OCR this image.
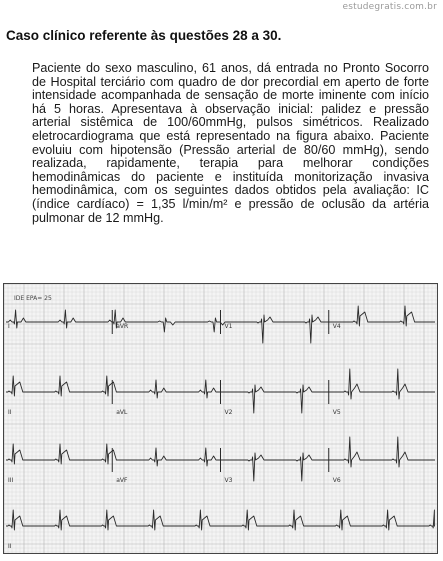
estudegratis.com.br
Caso clínico referente às questões 28 a 30.
Paciente do sexo masculino, 61 anos, dá entrada no Pronto Socorro de Hospital terciário com quadro de dor precordial em aperto de forte intensidade acompanhada de sensação de morte iminente com início há 5 horas. Apresentava à observação inicial: palidez e pressão arterial sistêmica de 100/60mmHg, pulsos simétricos. Realizado eletrocardiograma que está representado na figura abaixo. Paciente evoluiu com hipotensão (Pressão arterial de 80/60 mmHg), sendo realizada, rapidamente, terapia para melhorar condições hemodinâmicas do paciente e instituída monitorização invasiva hemodinâmica, com os seguintes dados obtidos pela avaliação: IC (índice cardíaco) = 1,35 l/min/m² e pressão de oclusão da artéria pulmonar de 12 mmHg.
IDE EPA= 25
I	aVR	V1	V4
II	aVL	V2	V5
III	aVF	V3	V6
II
